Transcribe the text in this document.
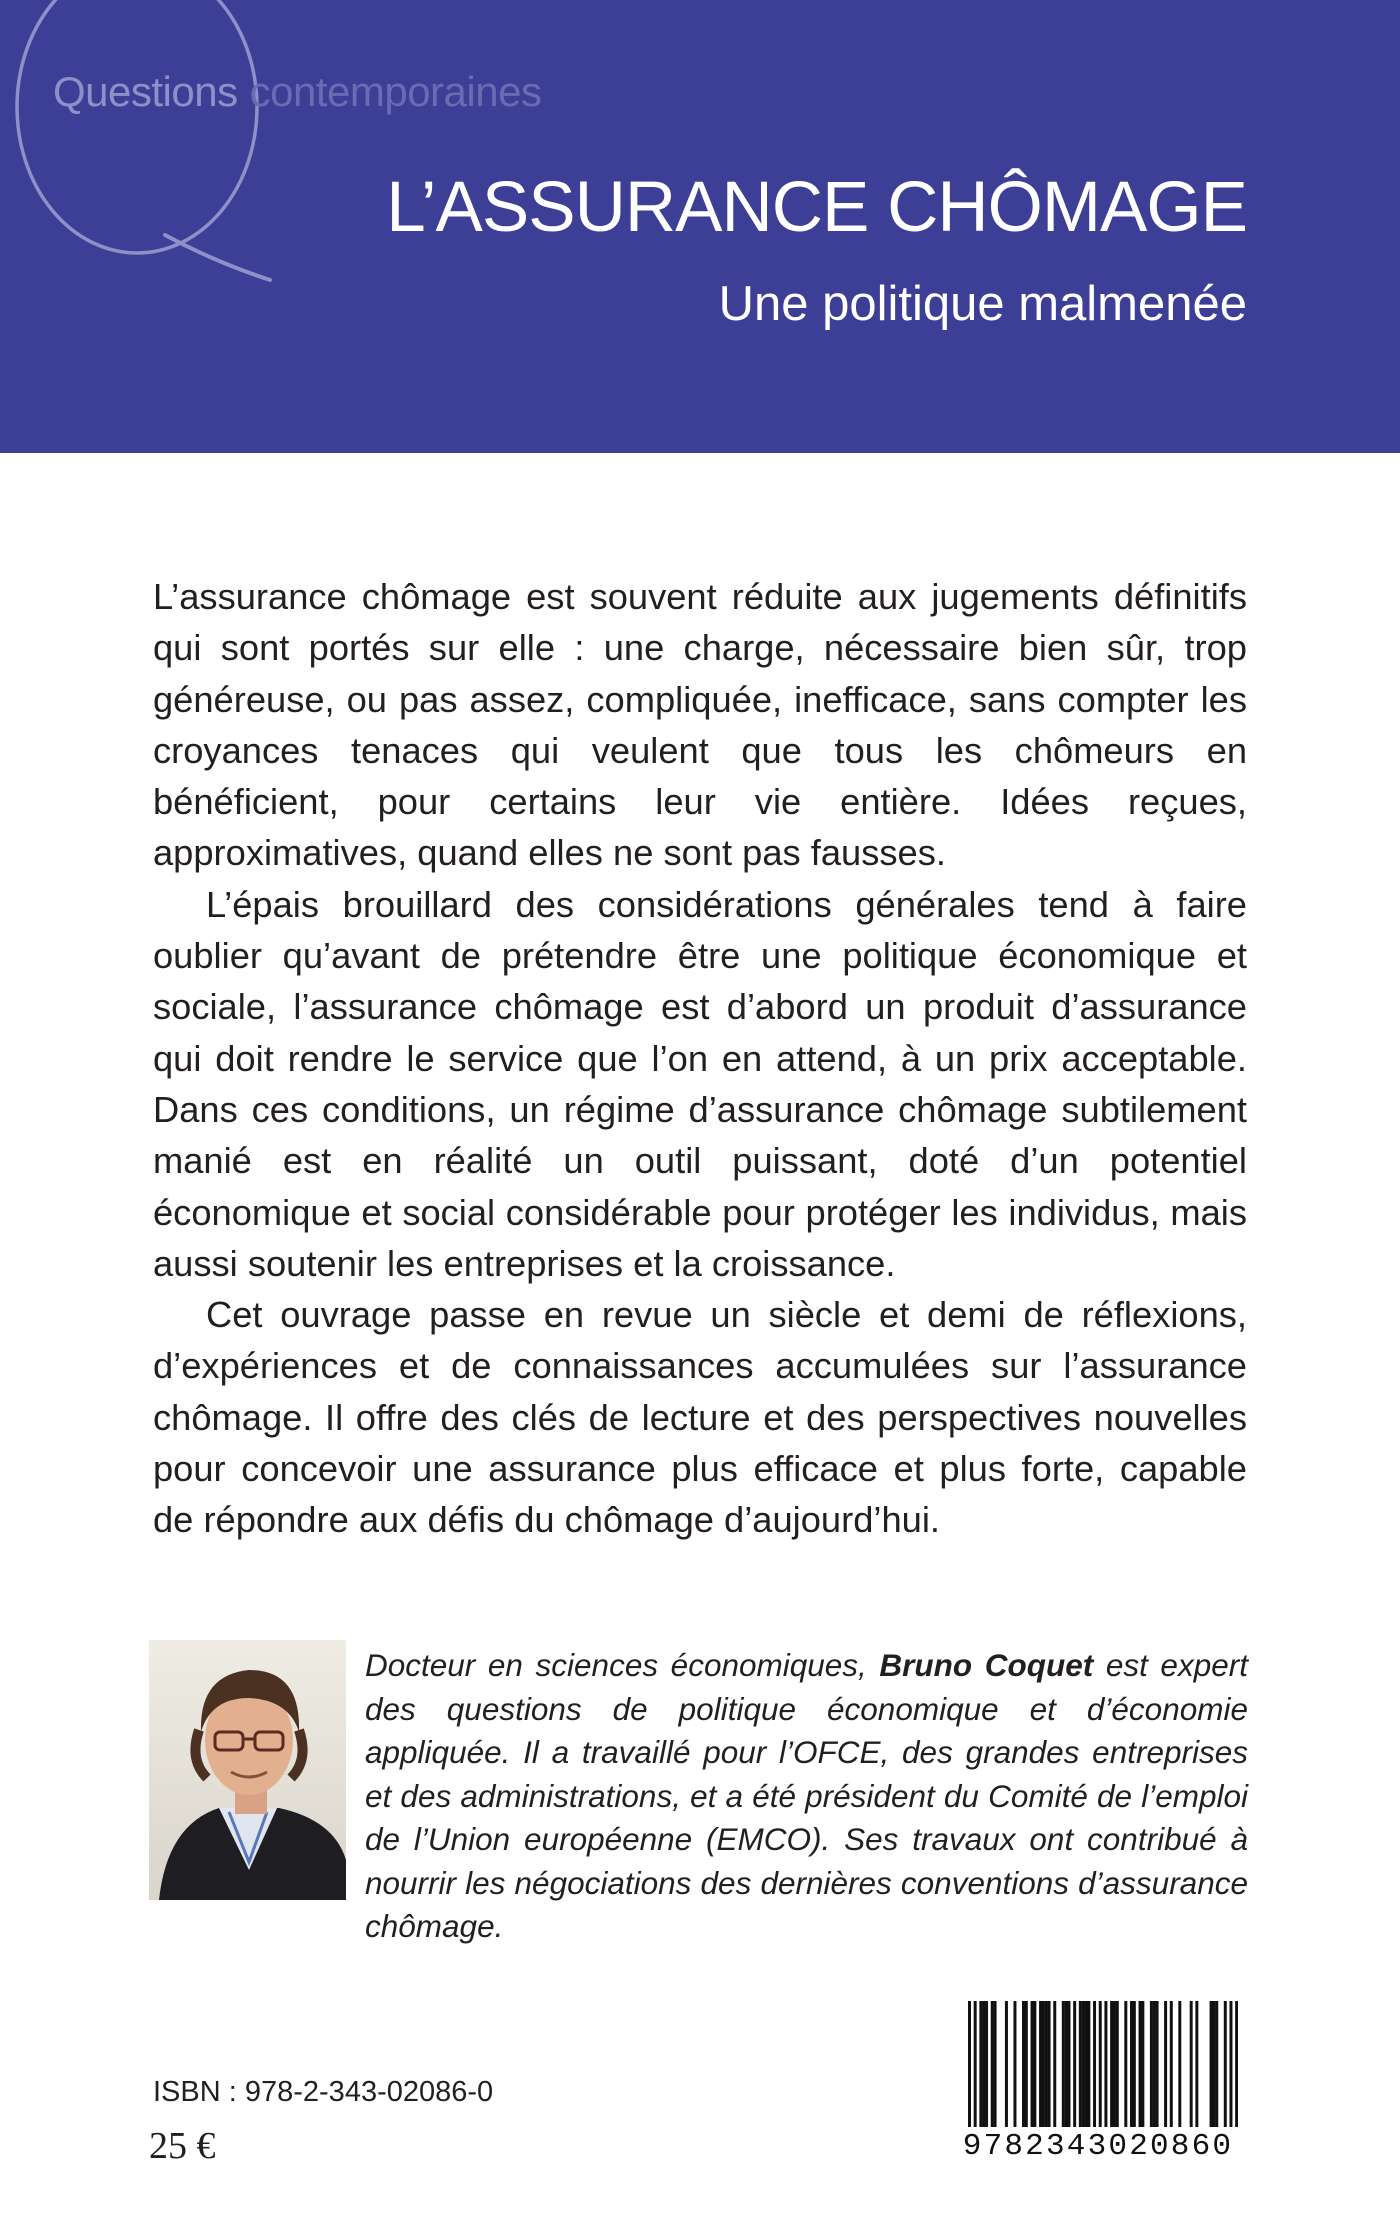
Questions contemporaines
L’ASSURANCE CHÔMAGE
Une politique malmenée

L’assurance chômage est souvent réduite aux jugements définitifs qui sont portés sur elle : une charge, nécessaire bien sûr, trop généreuse, ou pas assez, compliquée, inefficace, sans compter les croyances tenaces qui veulent que tous les chômeurs en bénéficient, pour certains leur vie entière. Idées reçues, approximatives, quand elles ne sont pas fausses.

L’épais brouillard des considérations générales tend à faire oublier qu’avant de prétendre être une politique économique et sociale, l’assurance chômage est d’abord un produit d’assurance qui doit rendre le service que l’on en attend, à un prix acceptable. Dans ces conditions, un régime d’assurance chômage subtilement manié est en réalité un outil puissant, doté d’un potentiel économique et social considérable pour protéger les individus, mais aussi soutenir les entreprises et la croissance.

Cet ouvrage passe en revue un siècle et demi de réflexions, d’expériences et de connaissances accumulées sur l’assurance chômage. Il offre des clés de lecture et des perspectives nouvelles pour concevoir une assurance plus efficace et plus forte, capable de répondre aux défis du chômage d’aujourd’hui.

Docteur en sciences économiques, Bruno Coquet est expert des questions de politique économique et d’économie appliquée. Il a travaillé pour l’OFCE, des grandes entreprises et des administrations, et a été président du Comité de l’emploi de l’Union européenne (EMCO). Ses travaux ont contribué à nourrir les négociations des dernières conventions d’assurance chômage.

ISBN : 978-2-343-02086-0
25 €	9782343020860
